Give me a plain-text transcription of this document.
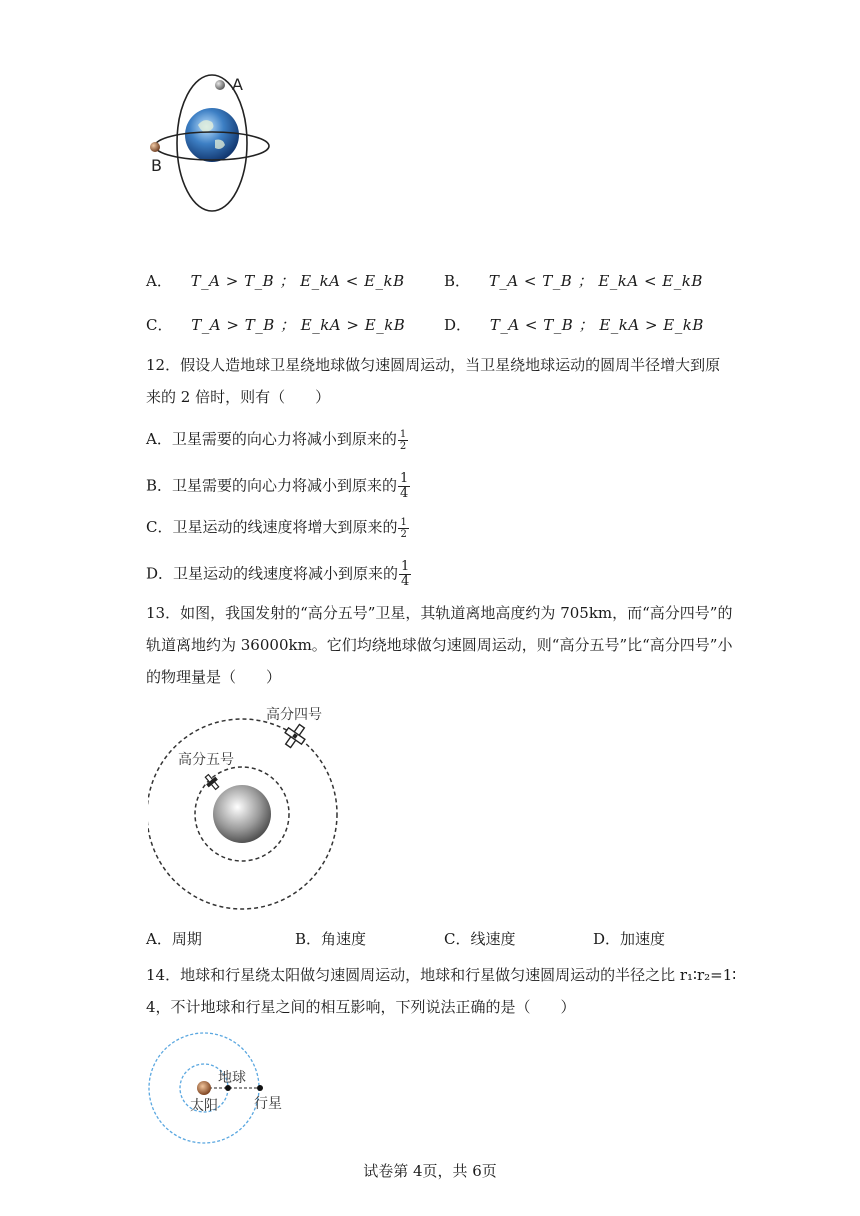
A
B
A． T_A > T_B ； E_kA < E_kB	B． T_A < T_B ； E_kA < E_kB
C． T_A > T_B ； E_kA > E_kB	D． T_A < T_B ； E_kA > E_kB
12．假设人造地球卫星绕地球做匀速圆周运动，当卫星绕地球运动的圆周半径增大到原
来的 2 倍时，则有（　　）
A．卫星需要的向心力将减小到原来的 $\frac{1}{2}$
B．卫星需要的向心力将减小到原来的 $\frac{1}{4}$
C．卫星运动的线速度将增大到原来的 $\frac{1}{2}$
D．卫星运动的线速度将减小到原来的 $\frac{1}{4}$
13．如图，我国发射的“高分五号”卫星，其轨道离地高度约为 705km，而“高分四号”的
轨道离地约为 36000km。它们均绕地球做匀速圆周运动，则“高分五号”比“高分四号”小
的物理量是（　　）
高分四号
高分五号
A．周期	B．角速度	C．线速度	D．加速度
14．地球和行星绕太阳做匀速圆周运动，地球和行星做匀速圆周运动的半径之比 r₁∶r₂=1∶
4，不计地球和行星之间的相互影响，下列说法正确的是（　　）
地球
太阳	行星
试卷第 4页，共 6页
